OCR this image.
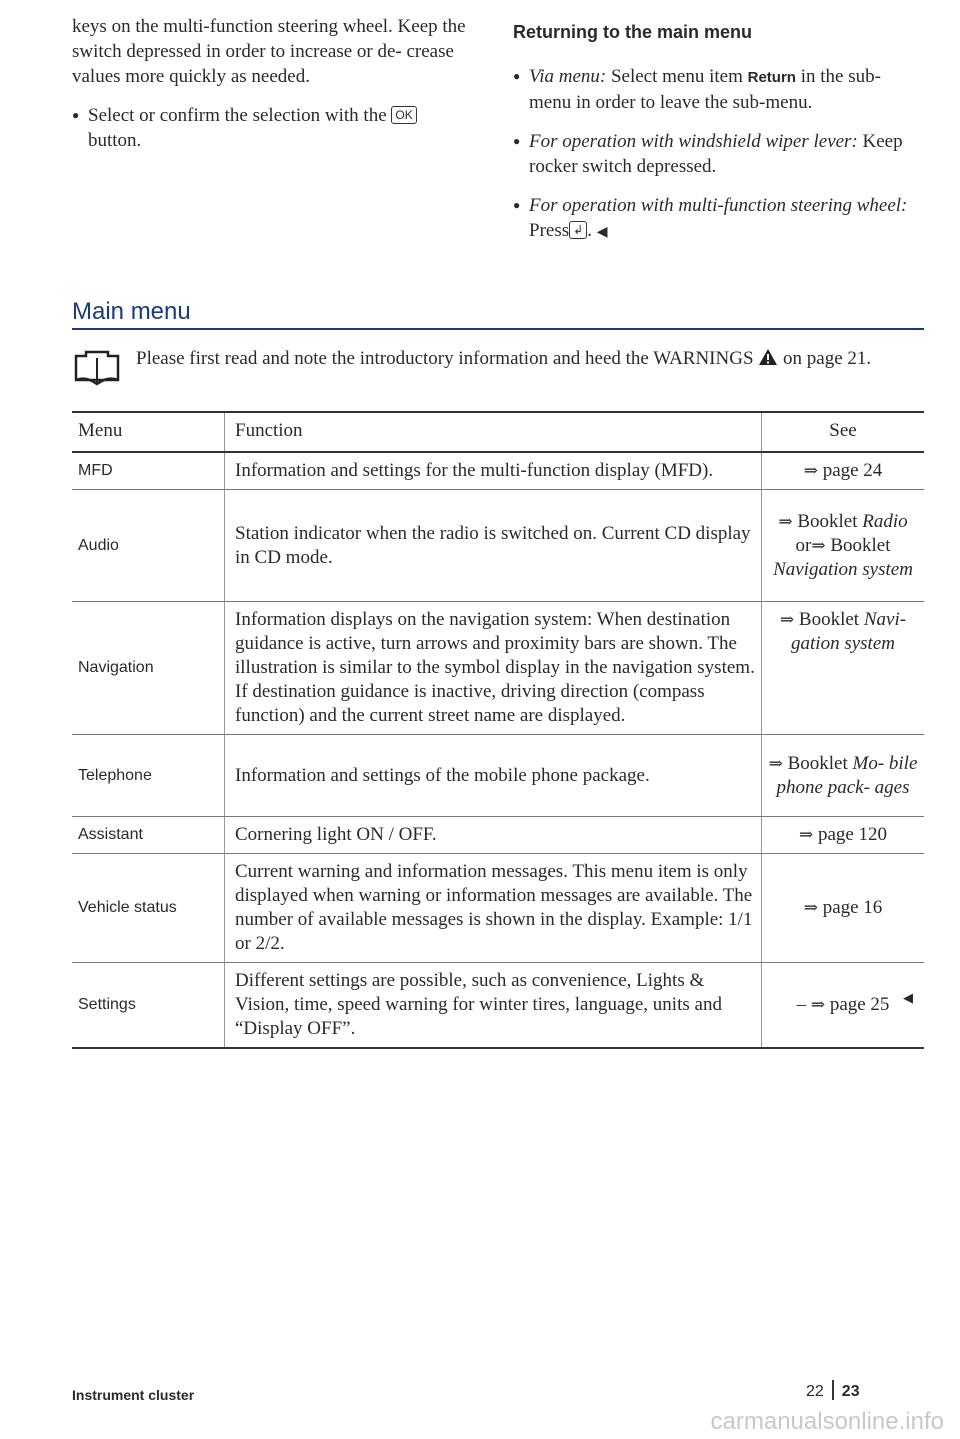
keys on the multi-function steering wheel. Keep the switch depressed in order to increase or de- crease values more quickly as needed.

● Select or confirm the selection with the OK button.

Returning to the main menu

● Via menu: Select menu item Return in the sub- menu in order to leave the sub-menu.

● For operation with windshield wiper lever: Keep rocker switch depressed.

● For operation with multi-function steering wheel: Press ↲ . ◀

Main menu
Please first read and note the introductory information and heed the WARNINGS on page 21.
Menu	Function	See
MFD	Information and settings for the multi-function display (MFD).	⇒ page 24
Audio	Station indicator when the radio is switched on. Current CD display in CD mode.	⇒ Booklet Radio
or⇒ Booklet
Navigation system
Navigation	Information displays on the navigation system: When destination guidance is active, turn arrows and proximity bars are shown. The illustration is similar to the symbol display in the navigation system. If destination guidance is inactive, driving direction (compass function) and the current street name are displayed.	⇒ Booklet Navi- gation system
Telephone	Information and settings of the mobile phone package.	⇒ Booklet Mo- bile phone pack- ages
Assistant	Cornering light ON / OFF.	⇒ page 120
Vehicle status	Current warning and information messages. This menu item is only displayed when warning or information messages are available. The number of available messages is shown in the display. Example: 1/1 or 2/2.	⇒ page 16
Settings	Different settings are possible, such as convenience, Lights & Vision, time, speed warning for winter tires, language, units and “Display OFF”.	– ⇒ page 25 ◀
Instrument cluster	22 23
carmanualsonline.info
